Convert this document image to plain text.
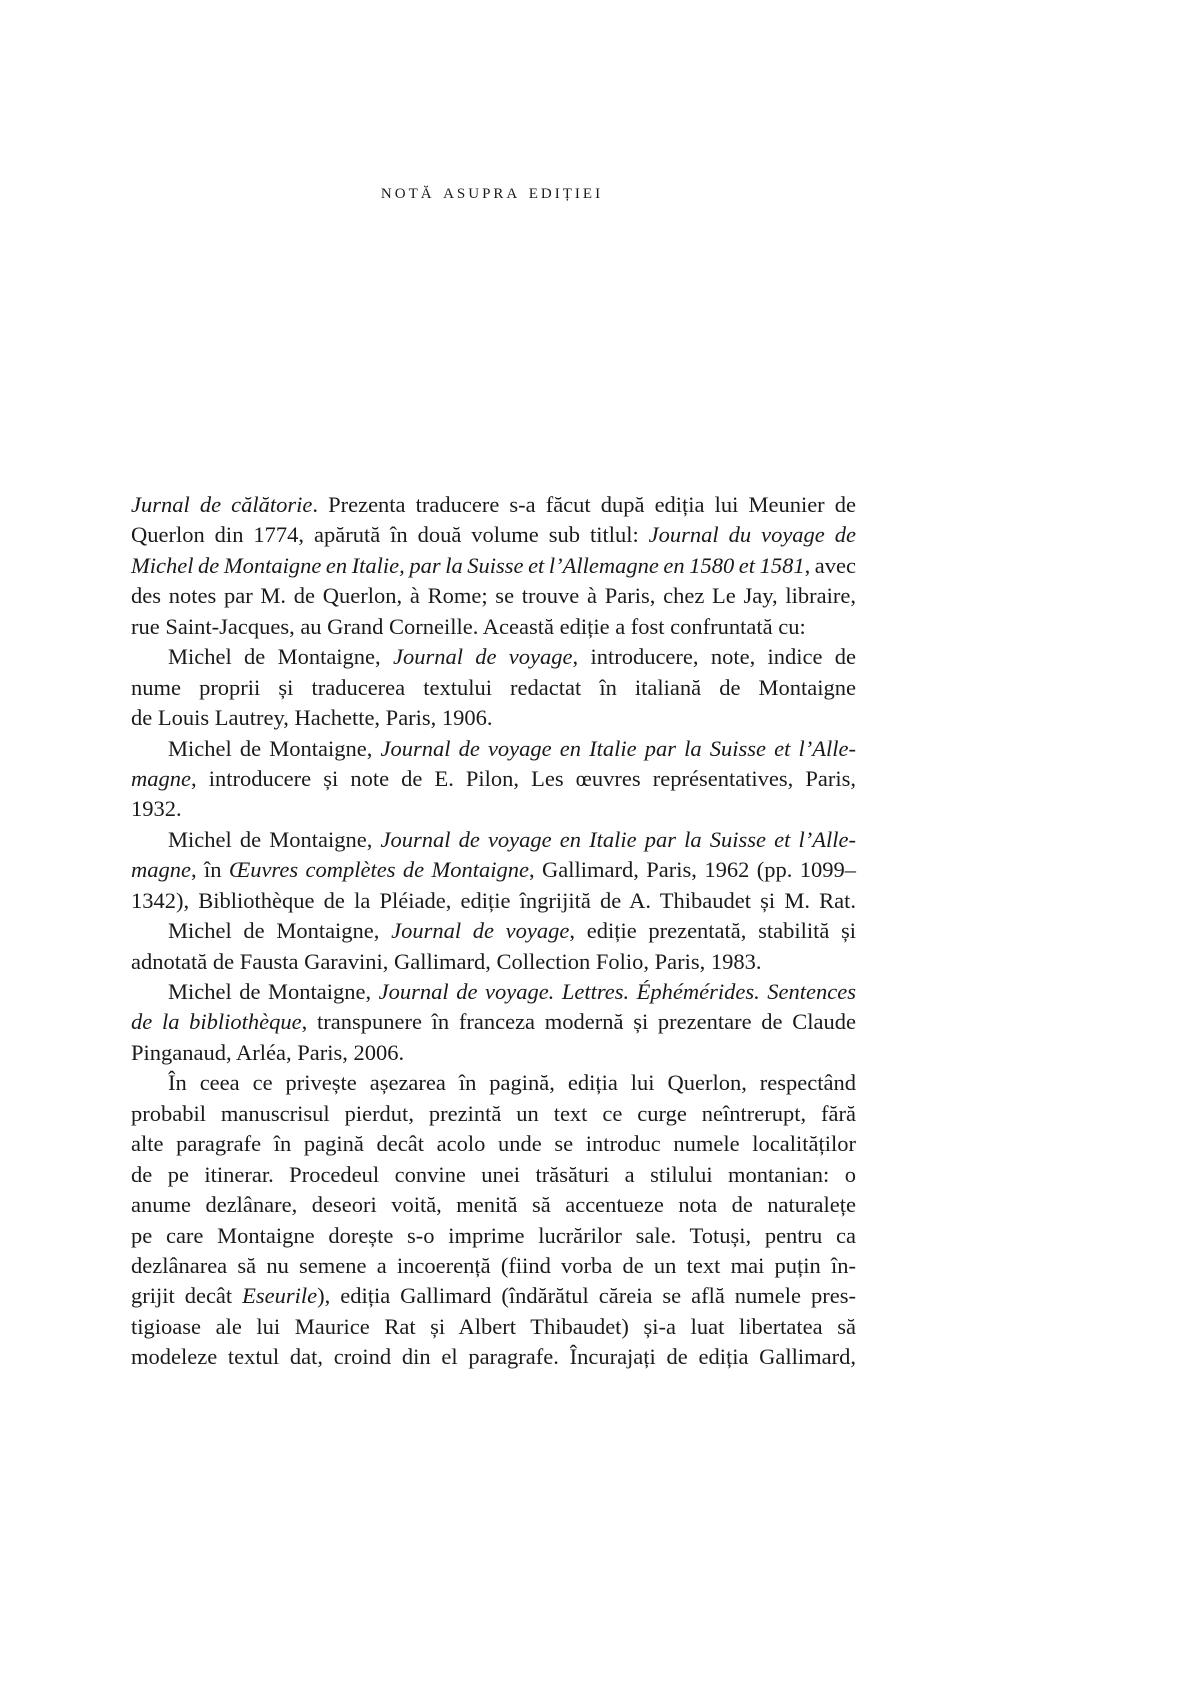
notă asupra ediției
Jurnal de călătorie. Prezenta traducere s-a făcut după ediția lui Meunier de
Querlon din 1774, apărută în două volume sub titlul: Journal du voyage de
Michel de Montaigne en Italie, par la Suisse et l’Allemagne en 1580 et 1581, avec
des notes par M. de Querlon, à Rome; se trouve à Paris, chez Le Jay, libraire,
rue Saint-Jacques, au Grand Corneille. Această ediție a fost confruntată cu:
Michel de Montaigne, Journal de voyage, introducere, note, indice de
nume proprii și traducerea textului redactat în italiană de Montaigne
de Louis Lautrey, Hachette, Paris, 1906.
Michel de Montaigne, Journal de voyage en Italie par la Suisse et l’Alle-
magne, introducere și note de E. Pilon, Les œuvres représentatives, Paris,
1932.
Michel de Montaigne, Journal de voyage en Italie par la Suisse et l’Alle-
magne, în Œuvres complètes de Montaigne, Gallimard, Paris, 1962 (pp. 1099–
1342), Bibliothèque de la Pléiade, ediție îngrijită de A. Thibaudet și M. Rat.
Michel de Montaigne, Journal de voyage, ediție prezentată, stabilită și
adnotată de Fausta Garavini, Gallimard, Collection Folio, Paris, 1983.
Michel de Montaigne, Journal de voyage. Lettres. Éphémérides. Sentences
de la bibliothèque, transpunere în franceza modernă și prezentare de Claude
Pinganaud, Arléa, Paris, 2006.
În ceea ce privește așezarea în pagină, ediția lui Querlon, respectând
probabil manuscrisul pierdut, prezintă un text ce curge neîntrerupt, fără
alte paragrafe în pagină decât acolo unde se introduc numele localităților
de pe itinerar. Procedeul convine unei trăsături a stilului montanian: o
anume dezlânare, deseori voită, menită să accentueze nota de naturalețe
pe care Montaigne dorește s-o imprime lucrărilor sale. Totuși, pentru ca
dezlânarea să nu semene a incoerență (fiind vorba de un text mai puțin în-
grijit decât Eseurile), ediția Gallimard (îndărătul căreia se află numele pres-
tigioase ale lui Maurice Rat și Albert Thibaudet) și-a luat libertatea să
modeleze textul dat, croind din el paragrafe. Încurajați de ediția Gallimard,
